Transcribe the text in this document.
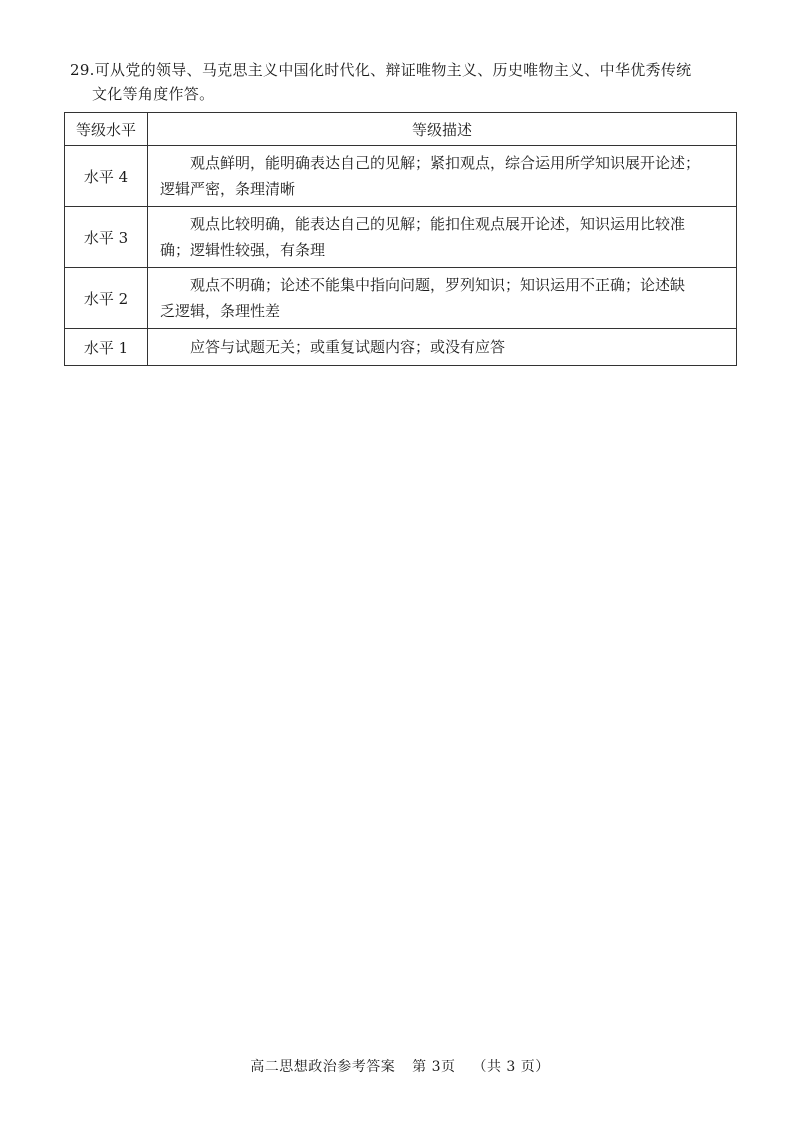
29.可从党的领导、马克思主义中国化时代化、辩证唯物主义、历史唯物主义、中华优秀传统
文化等角度作答。
等级水平	等级描述
水平 4	观点鲜明，能明确表达自己的见解；紧扣观点，综合运用所学知识展开论述；
逻辑严密，条理清晰

水平 3	观点比较明确，能表达自己的见解；能扣住观点展开论述，知识运用比较准
确；逻辑性较强，有条理

水平 2	观点不明确；论述不能集中指向问题，罗列知识；知识运用不正确；论述缺
乏逻辑，条理性差

水平 1	应答与试题无关；或重复试题内容；或没有应答
高二思想政治参考答案 第 3页 （共 3 页）
